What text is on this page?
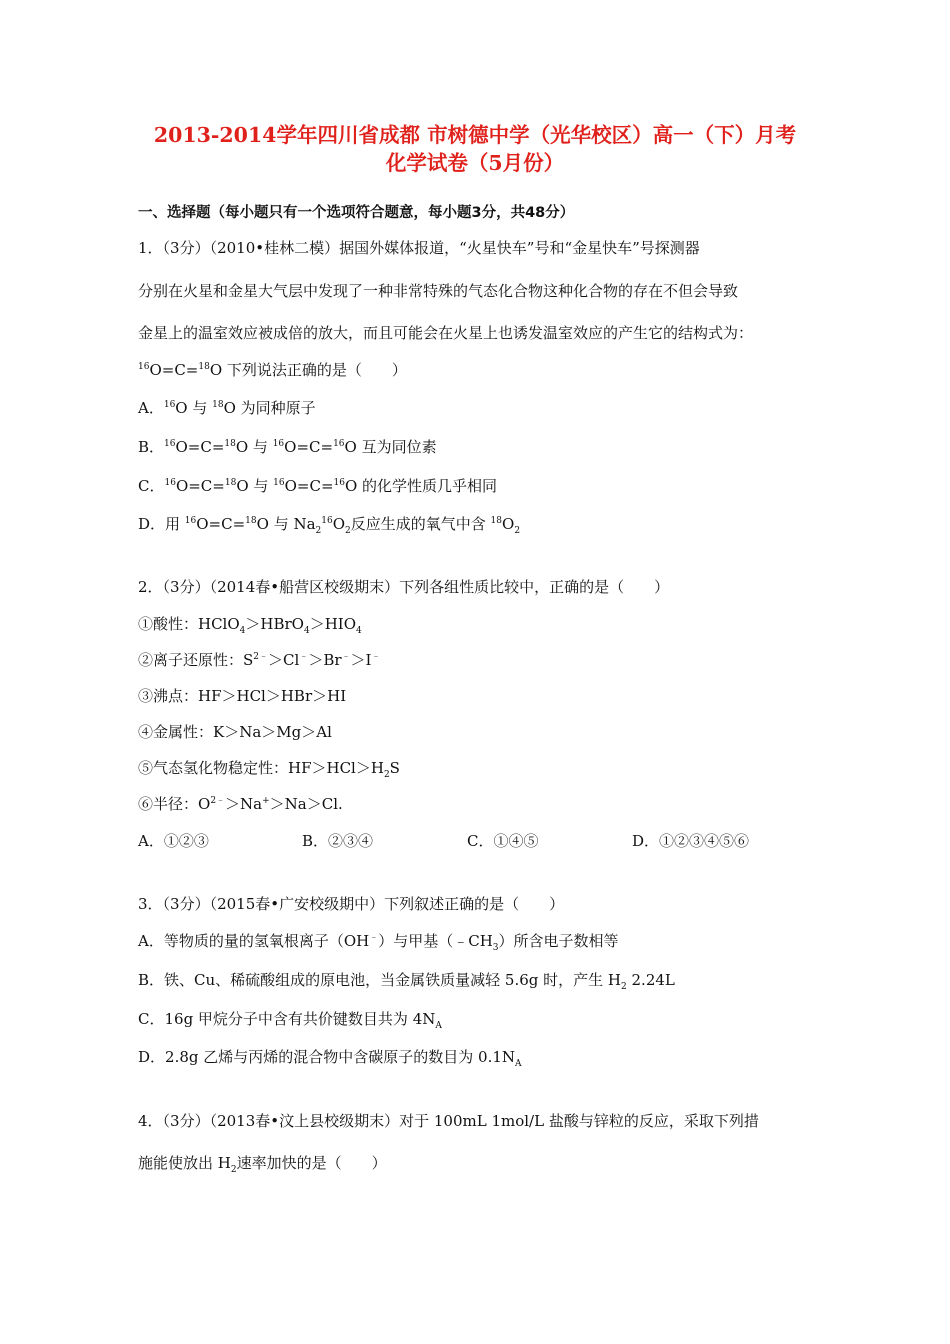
2013-2014学年四川省成都 市树德中学（光华校区）高一（下）月考
化学试卷（5月份）
一、选择题（每小题只有一个选项符合题意，每小题3分，共48分）
1．（3分）（2010•桂林二模）据国外媒体报道，“火星快车”号和“金星快车”号探测器
分别在火星和金星大气层中发现了一种非常特殊的气态化合物这种化合物的存在不但会导致
金星上的温室效应被成倍的放大，而且可能会在火星上也诱发温室效应的产生它的结构式为：
$^{16}$O=C=$^{18}$O 下列说法正确的是（　　）
A．$^{16}$O 与 $^{18}$O 为同种原子
B．$^{16}$O=C=$^{18}$O 与 $^{16}$O=C=$^{16}$O 互为同位素
C．$^{16}$O=C=$^{18}$O 与 $^{16}$O=C=$^{16}$O 的化学性质几乎相同
D．用 $^{16}$O=C=$^{18}$O 与 $Na_2^{16}O_2$反应生成的氧气中含 $^{18}O_2$
2．（3分）（2014春•船营区校级期末）下列各组性质比较中，正确的是（　　）
①酸性：$HClO_4>HBrO_4>HIO_4$
②离子还原性：$S^{2﹣}>Cl^﹣>Br^﹣>I^﹣$
③沸点：HF＞HCl＞HBr＞HI
④金属性：K＞Na＞Mg＞Al
⑤气态氢化物稳定性：$HF>HCl>H_2S$
⑥半径：$O^{2﹣}>Na^+>Na>Cl$.
A．①②③	B．②③④	C．①④⑤	D．①②③④⑤⑥
3．（3分）（2015春•广安校级期中）下列叙述正确的是（　　）
A．等物质的量的氢氧根离子（OH﹣）与甲基$(﹣CH_3)$所含电子数相等
B．铁、Cu、稀硫酸组成的原电池，当金属铁质量减轻 5.6g 时，产生 $H_2$ 2.24L
C．16g 甲烷分子中含有共价键数目共为 $4N_A$
D．2.8g 乙烯与丙烯的混合物中含碳原子的数目为 $0.1N_A$
4．（3分）（2013春•汶上县校级期末）对于 100mL 1mol/L 盐酸与锌粒的反应，采取下列措
施能使放出 $H_2$速率加快的是（　　）
